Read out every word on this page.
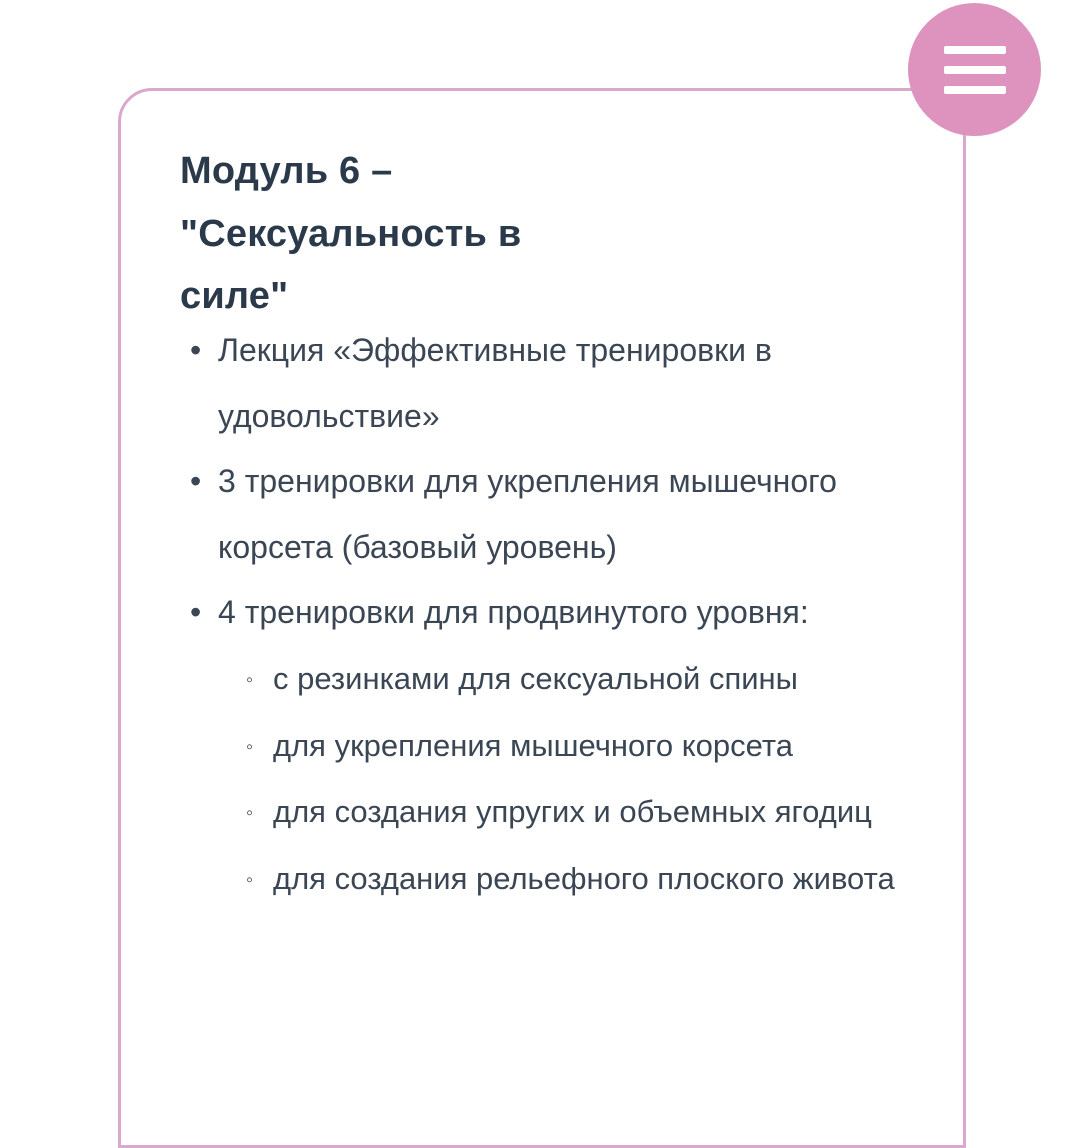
Модуль 6 – "Сексуальность в силе"
• Лекция «Эффективные тренировки в удовольствие»
• 3 тренировки для укрепления мышечного корсета (базовый уровень)
• 4 тренировки для продвинутого уровня:
◦ с резинками для сексуальной спины
◦ для укрепления мышечного корсета
◦ для создания упругих и объемных ягодиц
◦ для создания рельефного плоского живота
